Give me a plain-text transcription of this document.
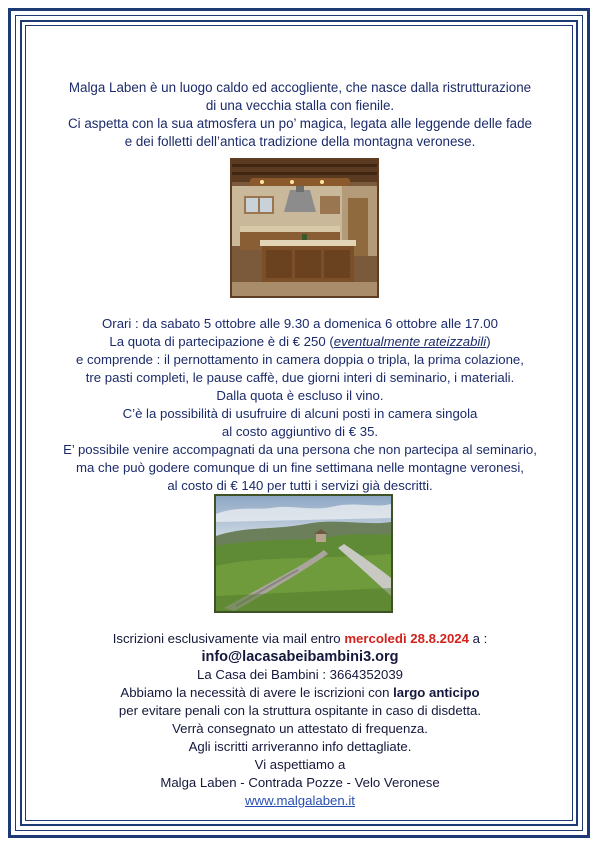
Malga Laben è un luogo caldo ed accogliente, che nasce dalla ristrutturazione
di una vecchia stalla con fienile.
Ci aspetta con la sua atmosfera un po’ magica, legata alle leggende delle fade
e dei folletti dell’antica tradizione della montagna veronese.
Orari : da sabato 5 ottobre alle 9.30 a domenica 6 ottobre alle 17.00
La quota di partecipazione è di € 250 (eventualmente rateizzabili)
e comprende : il pernottamento in camera doppia o tripla, la prima colazione,
tre pasti completi, le pause caffè, due giorni interi di seminario, i materiali.
Dalla quota è escluso il vino.
C’è la possibilità di usufruire di alcuni posti in camera singola
al costo aggiuntivo di € 35.
E’ possibile venire accompagnati da una persona che non partecipa al seminario,
ma che può godere comunque di un fine settimana nelle montagne veronesi,
al costo di € 140 per tutti i servizi già descritti.
Iscrizioni esclusivamente via mail entro mercoledì 28.8.2024 a :
info@lacasabeibambini3.org
La Casa dei Bambini : 3664352039
Abbiamo la necessità di avere le iscrizioni con largo anticipo
per evitare penali con la struttura ospitante in caso di disdetta.
Verrà consegnato un attestato di frequenza.
Agli iscritti arriveranno info dettagliate.
Vi aspettiamo a
Malga Laben - Contrada Pozze - Velo Veronese
www.malgalaben.it
